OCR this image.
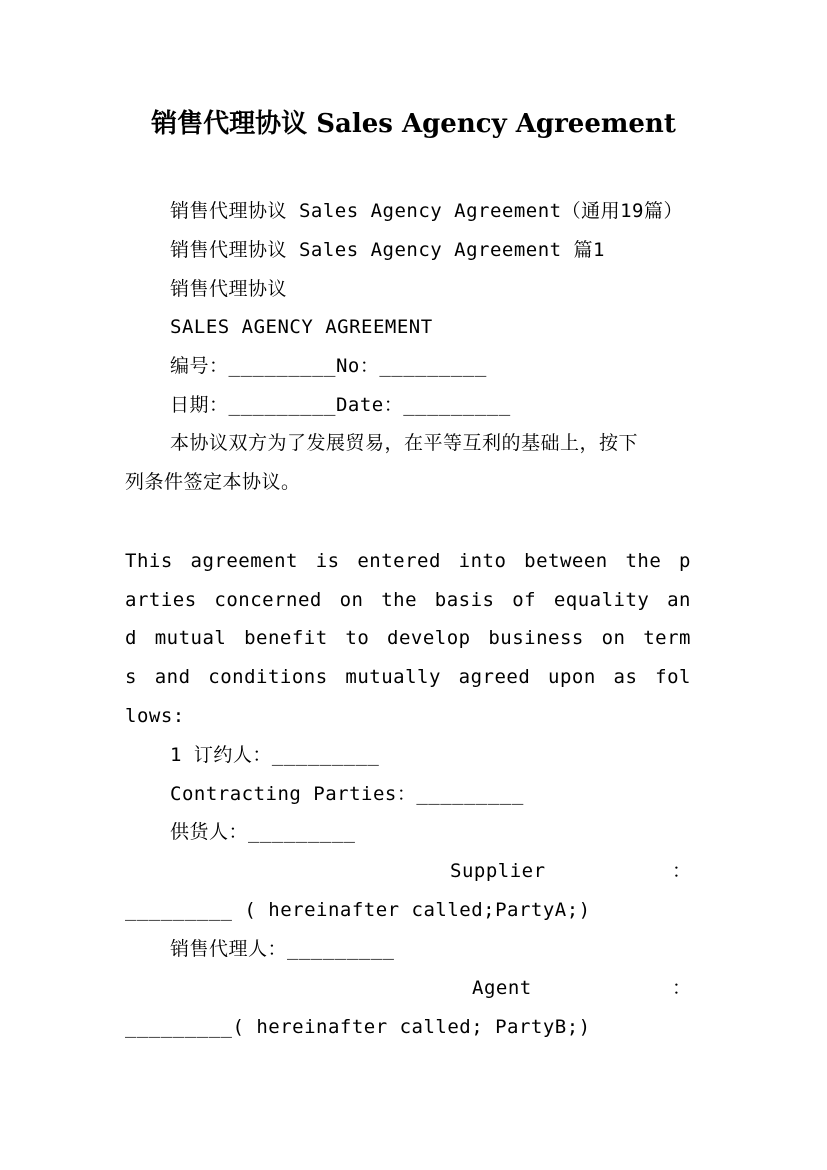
销售代理协议 Sales Agency Agreement
销售代理协议 Sales Agency Agreement（通用19篇）
销售代理协议 Sales Agency Agreement 篇1
销售代理协议
SALES AGENCY AGREEMENT
编号：_________No：_________
日期：_________Date：_________
本协议双方为了发展贸易，在平等互利的基础上，按下
列条件签定本协议。
This agreement is entered into between the p
arties concerned on the basis of equality an
d mutual benefit to develop business on term
s and conditions mutually agreed upon as fol
lows:
1 订约人：_________
Contracting Parties：_________
供货人：_________
Supplier	：
_________ ( hereinafter called;PartyA;)
销售代理人：_________
Agent	：
_________( hereinafter called; PartyB;)
